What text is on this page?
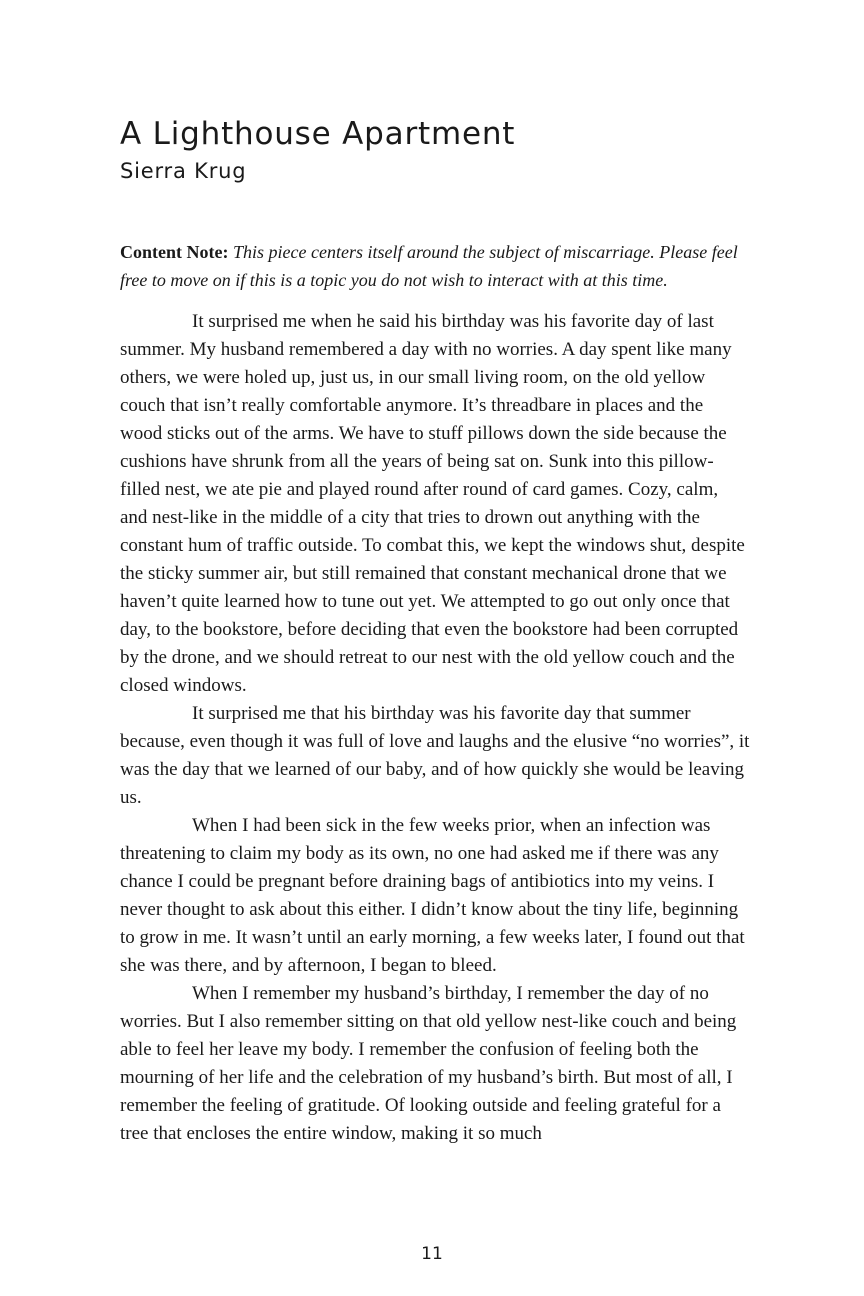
A Lighthouse Apartment
Sierra Krug
Content Note: This piece centers itself around the subject of miscarriage. Please feel free to move on if this is a topic you do not wish to interact with at this time.

It surprised me when he said his birthday was his favorite day of last summer. My husband remembered a day with no worries. A day spent like many others, we were holed up, just us, in our small living room, on the old yellow couch that isn’t really comfortable anymore. It’s threadbare in places and the wood sticks out of the arms. We have to stuff pillows down the side because the cushions have shrunk from all the years of being sat on. Sunk into this pillow-filled nest, we ate pie and played round after round of card games. Cozy, calm, and nest-like in the middle of a city that tries to drown out anything with the constant hum of traffic outside. To combat this, we kept the windows shut, despite the sticky summer air, but still remained that constant mechanical drone that we haven’t quite learned how to tune out yet. We attempted to go out only once that day, to the bookstore, before deciding that even the bookstore had been corrupted by the drone, and we should retreat to our nest with the old yellow couch and the closed windows.

It surprised me that his birthday was his favorite day that summer because, even though it was full of love and laughs and the elusive “no worries”, it was the day that we learned of our baby, and of how quickly she would be leaving us.

When I had been sick in the few weeks prior, when an infection was threatening to claim my body as its own, no one had asked me if there was any chance I could be pregnant before draining bags of antibiotics into my veins. I never thought to ask about this either. I didn’t know about the tiny life, beginning to grow in me. It wasn’t until an early morning, a few weeks later, I found out that she was there, and by afternoon, I began to bleed.

When I remember my husband’s birthday, I remember the day of no worries. But I also remember sitting on that old yellow nest-like couch and being able to feel her leave my body. I remember the confusion of feeling both the mourning of her life and the celebration of my husband’s birth. But most of all, I remember the feeling of gratitude. Of looking outside and feeling grateful for a tree that encloses the entire window, making it so much

11
